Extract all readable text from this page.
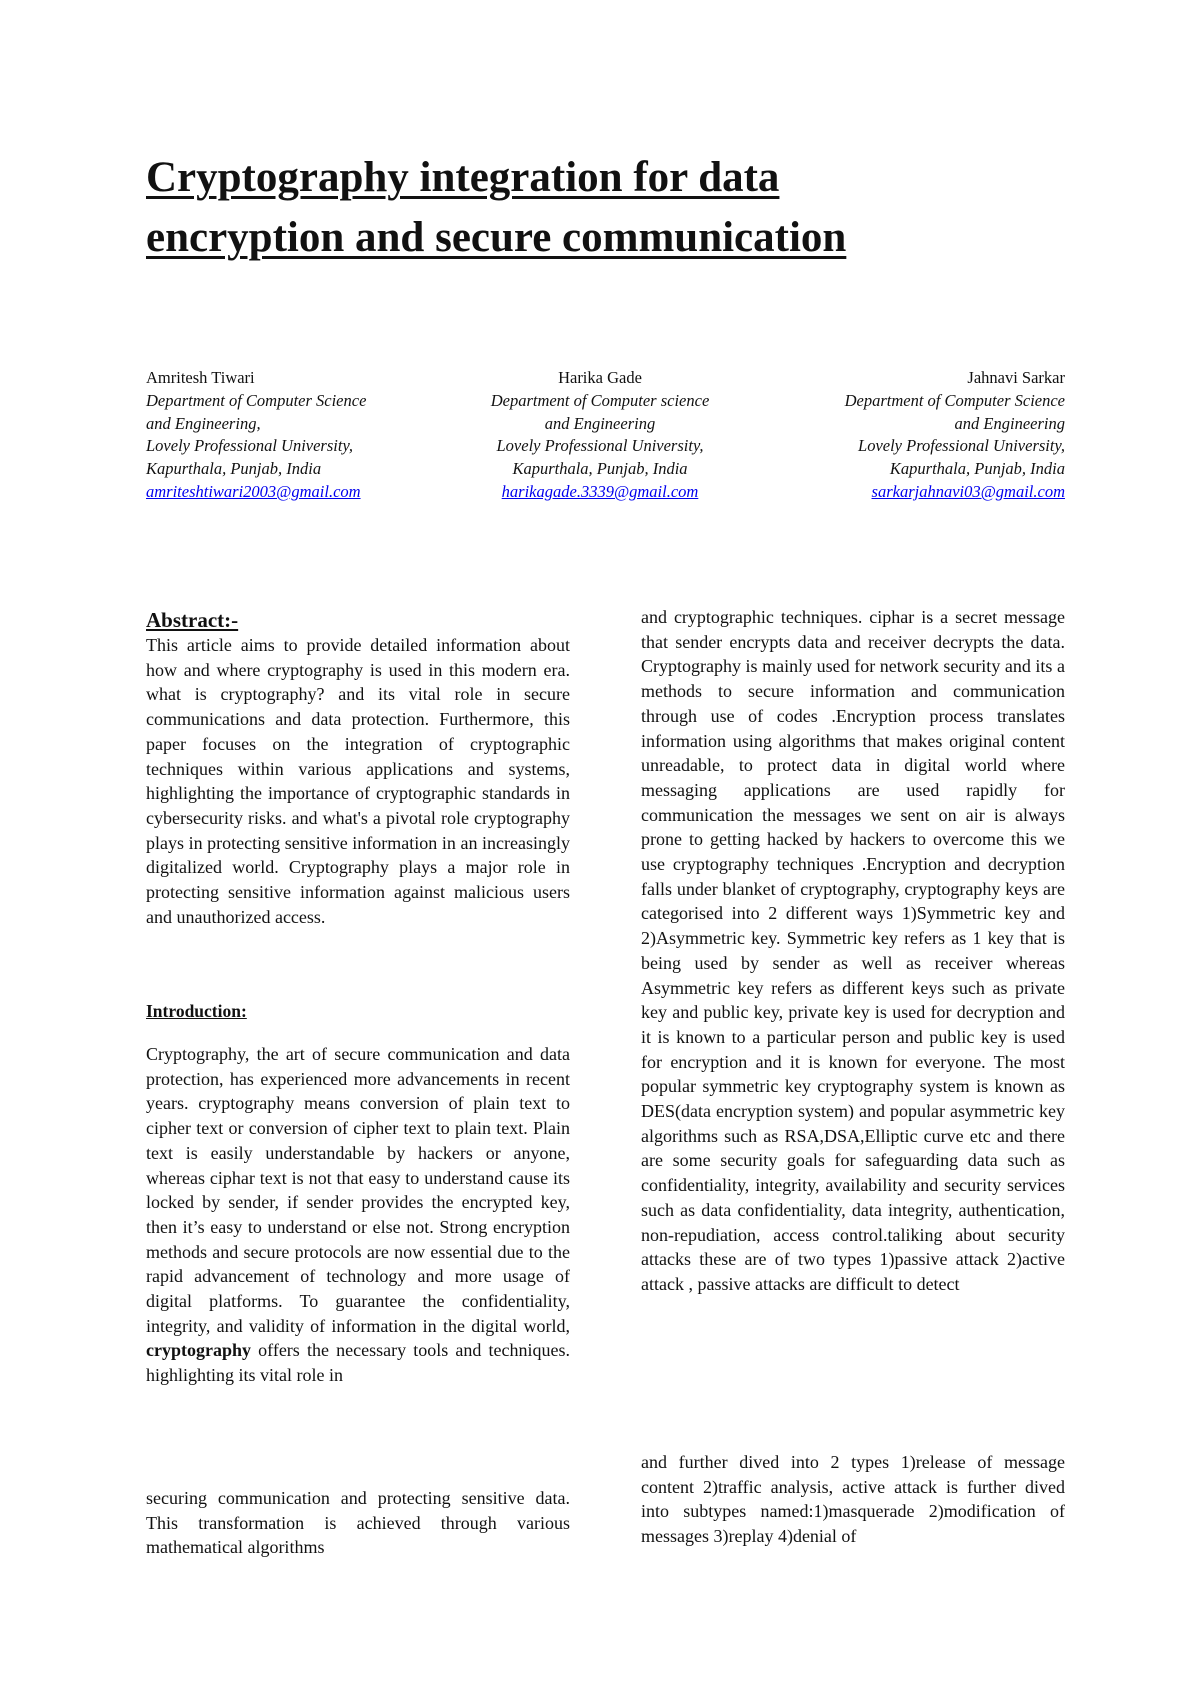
Cryptography integration for data
encryption and secure communication
Amritesh Tiwari
Department of Computer Science
and Engineering,
Lovely Professional University,
Kapurthala, Punjab, India
amriteshtiwari2003@gmail.com
Harika Gade
Department of Computer science
and Engineering
Lovely Professional University,
Kapurthala, Punjab, India
harikagade.3339@gmail.com
Jahnavi Sarkar
Department of Computer Science
and Engineering
Lovely Professional University,
Kapurthala, Punjab, India
sarkarjahnavi03@gmail.com
Abstract:-

This article aims to provide detailed information about how and where cryptography is used in this modern era. what is cryptography? and its vital role in secure communications and data protection. Furthermore, this paper focuses on the integration of cryptographic techniques within various applications and systems, highlighting the importance of cryptographic standards in cybersecurity risks. and what's a pivotal role cryptography plays in protecting sensitive information in an increasingly digitalized world. Cryptography plays a major role in protecting sensitive information against malicious users and unauthorized access.

Introduction:

Cryptography, the art of secure communication and data protection, has experienced more advancements in recent years. cryptography means conversion of plain text to cipher text or conversion of cipher text to plain text. Plain text is easily understandable by hackers or anyone, whereas ciphar text is not that easy to understand cause its locked by sender, if sender provides the encrypted key, then it’s easy to understand or else not. Strong encryption methods and secure protocols are now essential due to the rapid advancement of technology and more usage of digital platforms. To guarantee the confidentiality, integrity, and validity of information in the digital world, cryptography offers the necessary tools and techniques. highlighting its vital role in

securing communication and protecting sensitive data. This transformation is achieved through various mathematical algorithms

and cryptographic techniques. ciphar is a secret message that sender encrypts data and receiver decrypts the data. Cryptography is mainly used for network security and its a methods to secure information and communication through use of codes .Encryption process translates information using algorithms that makes original content unreadable, to protect data in digital world where messaging applications are used rapidly for communication the messages we sent on air is always prone to getting hacked by hackers to overcome this we use cryptography techniques .Encryption and decryption falls under blanket of cryptography, cryptography keys are categorised into 2 different ways 1)Symmetric key and 2)Asymmetric key. Symmetric key refers as 1 key that is being used by sender as well as receiver whereas Asymmetric key refers as different keys such as private key and public key, private key is used for decryption and it is known to a particular person and public key is used for encryption and it is known for everyone. The most popular symmetric key cryptography system is known as DES(data encryption system) and popular asymmetric key algorithms such as RSA,DSA,Elliptic curve etc and there are some security goals for safeguarding data such as confidentiality, integrity, availability and security services such as data confidentiality, data integrity, authentication, non-repudiation, access control.taliking about security attacks these are of two types 1)passive attack 2)active attack , passive attacks are difficult to detect

and further dived into 2 types 1)release of message content 2)traffic analysis, active attack is further dived into subtypes named:1)masquerade 2)modification of messages 3)replay 4)denial of
